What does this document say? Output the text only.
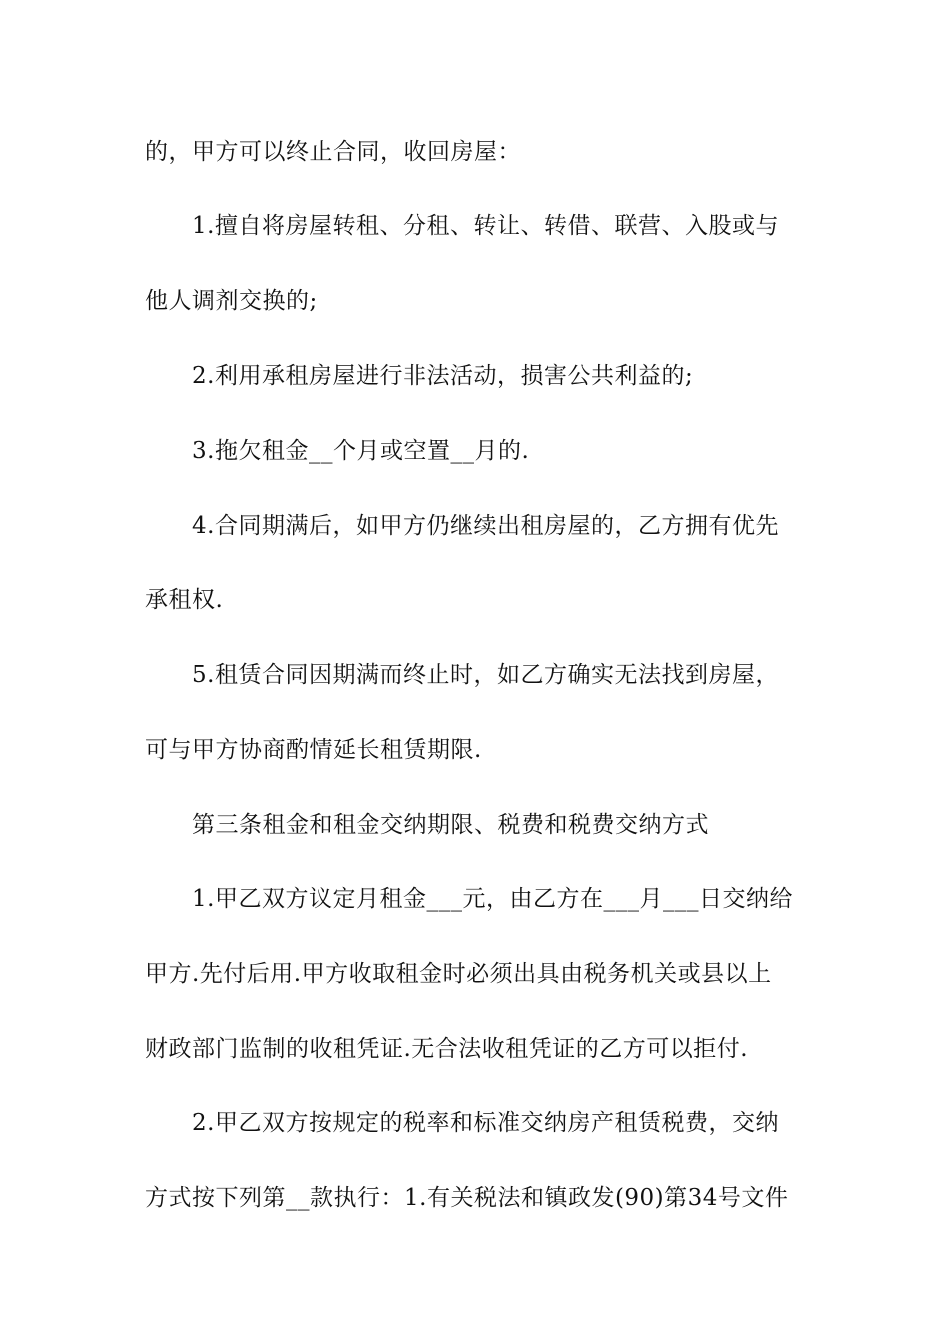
的，甲方可以终止合同，收回房屋：
1.擅自将房屋转租、分租、转让、转借、联营、入股或与
他人调剂交换的;
2.利用承租房屋进行非法活动，损害公共利益的;
3.拖欠租金__个月或空置__月的.
4.合同期满后，如甲方仍继续出租房屋的，乙方拥有优先
承租权.
5.租赁合同因期满而终止时，如乙方确实无法找到房屋，
可与甲方协商酌情延长租赁期限.
第三条租金和租金交纳期限、税费和税费交纳方式
1.甲乙双方议定月租金___元，由乙方在___月___日交纳给
甲方.先付后用.甲方收取租金时必须出具由税务机关或县以上
财政部门监制的收租凭证.无合法收租凭证的乙方可以拒付.
2.甲乙双方按规定的税率和标准交纳房产租赁税费，交纳
方式按下列第__款执行：1.有关税法和镇政发(90)第34号文件
